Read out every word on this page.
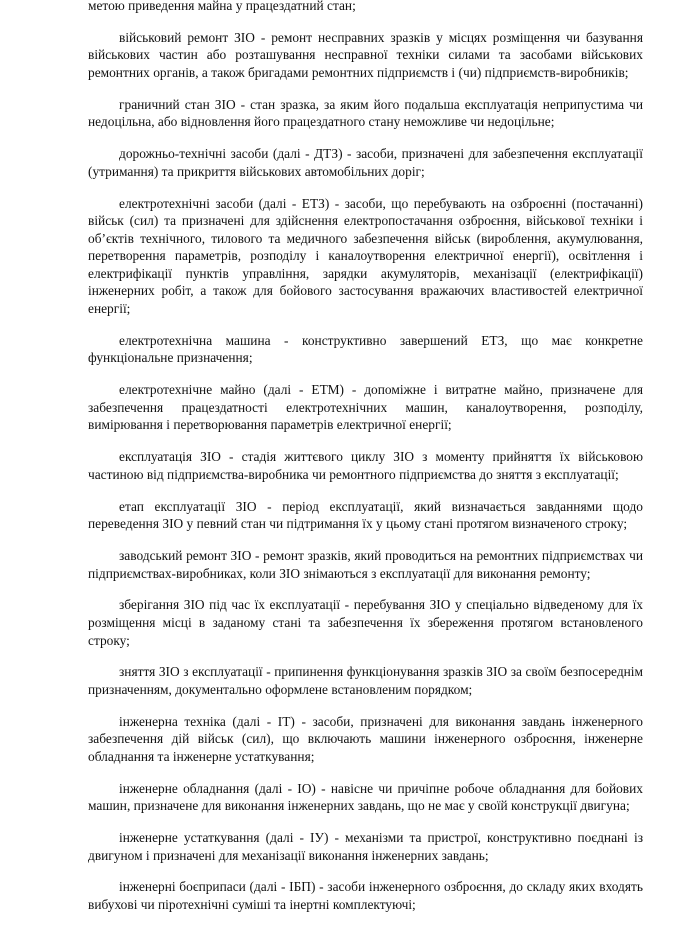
метою приведення майна у працездатний стан;

військовий ремонт ЗІО - ремонт несправних зразків у місцях розміщення чи базування військових частин або розташування несправної техніки силами та засобами військових ремонтних органів, а також бригадами ремонтних підприємств і (чи) підприємств-виробників;

граничний стан ЗІО - стан зразка, за яким його подальша експлуатація неприпустима чи недоцільна, або відновлення його працездатного стану неможливе чи недоцільне;

дорожньо-технічні засоби (далі - ДТЗ) - засоби, призначені для забезпечення експлуатації (утримання) та прикриття військових автомобільних доріг;

електротехнічні засоби (далі - ЕТЗ) - засоби, що перебувають на озброєнні (постачанні) військ (сил) та призначені для здійснення електропостачання озброєння, військової техніки і об’єктів технічного, тилового та медичного забезпечення військ (вироблення, акумулювання, перетворення параметрів, розподілу і каналоутворення електричної енергії), освітлення і електрифікації пунктів управління, зарядки акумуляторів, механізації (електрифікації) інженерних робіт, а також для бойового застосування вражаючих властивостей електричної енергії;

електротехнічна машина - конструктивно завершений ЕТЗ, що має конкретне функціональне призначення;

електротехнічне майно (далі - ЕТМ) - допоміжне і витратне майно, призначене для забезпечення працездатності електротехнічних машин, каналоутворення, розподілу, вимірювання і перетворювання параметрів електричної енергії;

експлуатація ЗІО - стадія життєвого циклу ЗІО з моменту прийняття їх військовою частиною від підприємства-виробника чи ремонтного підприємства до зняття з експлуатації;

етап експлуатації ЗІО - період експлуатації, який визначається завданнями щодо переведення ЗІО у певний стан чи підтримання їх у цьому стані протягом визначеного строку;

заводський ремонт ЗІО - ремонт зразків, який проводиться на ремонтних підприємствах чи підприємствах-виробниках, коли ЗІО знімаються з експлуатації для виконання ремонту;

зберігання ЗІО під час їх експлуатації - перебування ЗІО у спеціально відведеному для їх розміщення місці в заданому стані та забезпечення їх збереження протягом встановленого строку;

зняття ЗІО з експлуатації - припинення функціонування зразків ЗІО за своїм безпосереднім призначенням, документально оформлене встановленим порядком;

інженерна техніка (далі - ІТ) - засоби, призначені для виконання завдань інженерного забезпечення дій військ (сил), що включають машини інженерного озброєння, інженерне обладнання та інженерне устаткування;

інженерне обладнання (далі - ІО) - навісне чи причіпне робоче обладнання для бойових машин, призначене для виконання інженерних завдань, що не має у своїй конструкції двигуна;

інженерне устаткування (далі - ІУ) - механізми та пристрої, конструктивно поєднані із двигуном і призначені для механізації виконання інженерних завдань;

інженерні боєприпаси (далі - ІБП) - засоби інженерного озброєння, до складу яких входять вибухові чи піротехнічні суміші та інертні комплектуючі;
